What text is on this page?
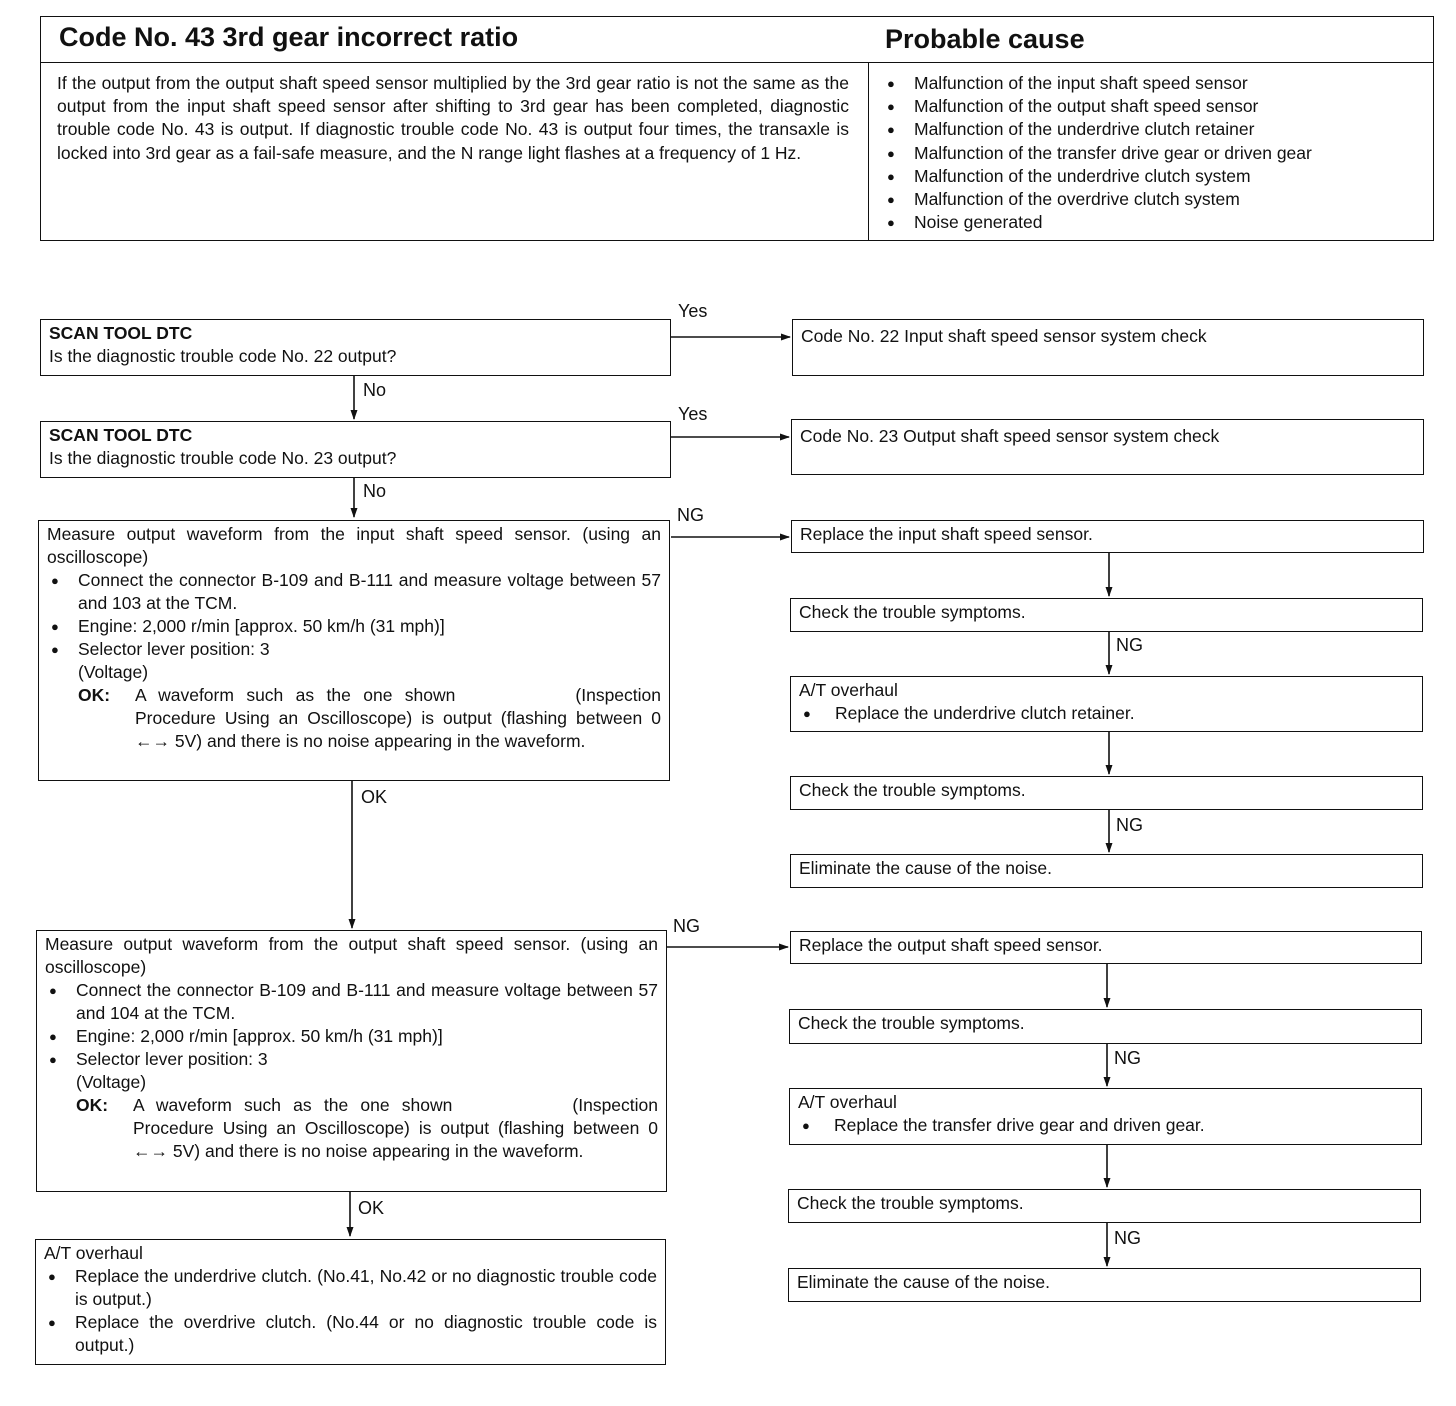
Code No. 43 3rd gear incorrect ratio	Probable cause
If the output from the output shaft speed sensor multiplied by the 3rd gear ratio is not the same as the output from the input shaft speed sensor after shifting to 3rd gear has been completed, diagnostic trouble code No. 43 is output. If diagnostic trouble code No. 43 is output four times, the transaxle is locked into 3rd gear as a fail-safe measure, and the N range light flashes at a frequency of 1 Hz.
● Malfunction of the input shaft speed sensor
● Malfunction of the output shaft speed sensor
● Malfunction of the underdrive clutch retainer
● Malfunction of the transfer drive gear or driven gear
● Malfunction of the underdrive clutch system
● Malfunction of the overdrive clutch system
● Noise generated
Yes
No
Yes
No
NG
OK
NG
OK
NG
NG
NG
NG
SCAN TOOL DTC
Is the diagnostic trouble code No. 22 output?
SCAN TOOL DTC
Is the diagnostic trouble code No. 23 output?
Measure output waveform from the input shaft speed sensor. (using an oscilloscope)
● Connect the connector B-109 and B-111 and measure voltage between 57 and 103 at the TCM.
● Engine: 2,000 r/min [approx. 50 km/h (31 mph)]
● Selector lever position: 3
(Voltage)
OK:	A waveform such as the one shown	(Inspection Procedure Using an Oscilloscope) is output (flashing between 0 ←→ 5V) and there is no noise appearing in the waveform.
Measure output waveform from the output shaft speed sensor. (using an oscilloscope)
● Connect the connector B-109 and B-111 and measure voltage between 57 and 104 at the TCM.
● Engine: 2,000 r/min [approx. 50 km/h (31 mph)]
● Selector lever position: 3
(Voltage)
OK:	A waveform such as the one shown	(Inspection Procedure Using an Oscilloscope) is output (flashing between 0 ←→ 5V) and there is no noise appearing in the waveform.
A/T overhaul
● Replace the underdrive clutch. (No.41, No.42 or no diagnostic trouble code is output.)
● Replace the overdrive clutch. (No.44 or no diagnostic trouble code is output.)
Code No. 22 Input shaft speed sensor system check
Code No. 23 Output shaft speed sensor system check
Replace the input shaft speed sensor.
Check the trouble symptoms.
A/T overhaul
● Replace the underdrive clutch retainer.
Check the trouble symptoms.
Eliminate the cause of the noise.
Replace the output shaft speed sensor.
Check the trouble symptoms.
A/T overhaul
● Replace the transfer drive gear and driven gear.
Check the trouble symptoms.
Eliminate the cause of the noise.
